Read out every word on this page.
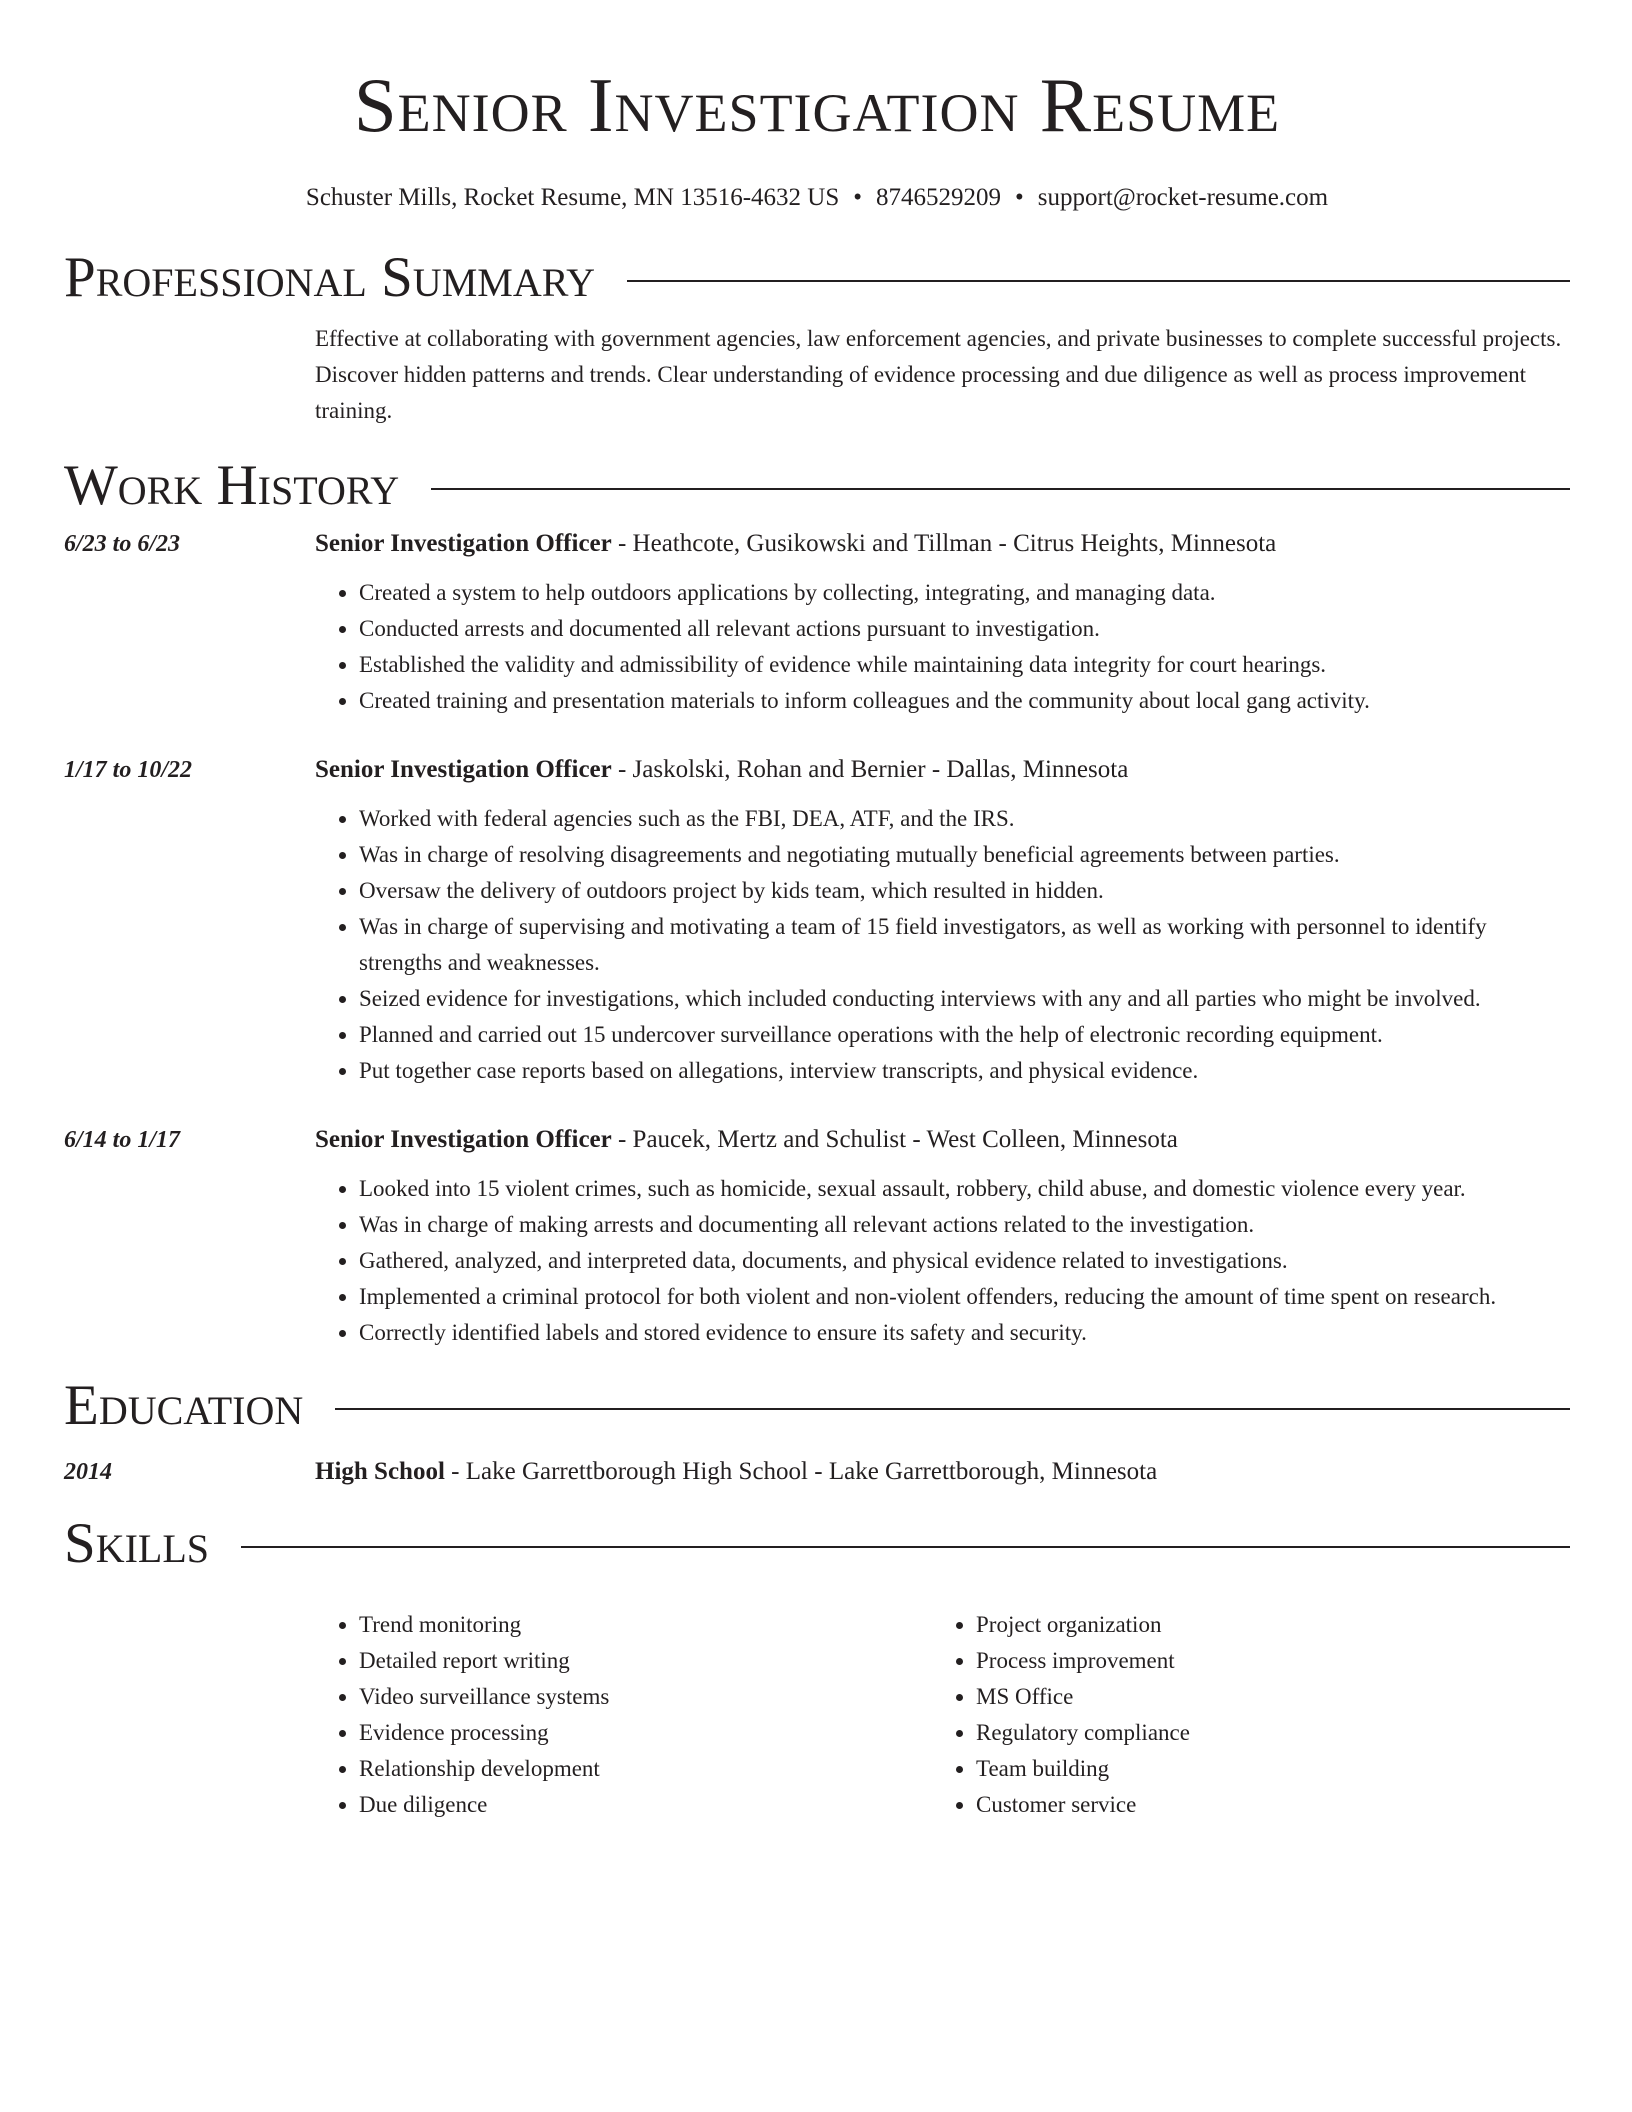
Senior Investigation Resume
Schuster Mills, Rocket Resume, MN 13516-4632 US • 8746529209 • support@rocket-resume.com
Professional Summary
Effective at collaborating with government agencies, law enforcement agencies, and private businesses to complete successful projects. Discover hidden patterns and trends. Clear understanding of evidence processing and due diligence as well as process improvement training.
Work History
6/23 to 6/23	Senior Investigation Officer - Heathcote, Gusikowski and Tillman - Citrus Heights, Minnesota
• Created a system to help outdoors applications by collecting, integrating, and managing data.
• Conducted arrests and documented all relevant actions pursuant to investigation.
• Established the validity and admissibility of evidence while maintaining data integrity for court hearings.
• Created training and presentation materials to inform colleagues and the community about local gang activity.
1/17 to 10/22	Senior Investigation Officer - Jaskolski, Rohan and Bernier - Dallas, Minnesota
• Worked with federal agencies such as the FBI, DEA, ATF, and the IRS.
• Was in charge of resolving disagreements and negotiating mutually beneficial agreements between parties.
• Oversaw the delivery of outdoors project by kids team, which resulted in hidden.
• Was in charge of supervising and motivating a team of 15 field investigators, as well as working with personnel to identify strengths and weaknesses.
• Seized evidence for investigations, which included conducting interviews with any and all parties who might be involved.
• Planned and carried out 15 undercover surveillance operations with the help of electronic recording equipment.
• Put together case reports based on allegations, interview transcripts, and physical evidence.
6/14 to 1/17	Senior Investigation Officer - Paucek, Mertz and Schulist - West Colleen, Minnesota
• Looked into 15 violent crimes, such as homicide, sexual assault, robbery, child abuse, and domestic violence every year.
• Was in charge of making arrests and documenting all relevant actions related to the investigation.
• Gathered, analyzed, and interpreted data, documents, and physical evidence related to investigations.
• Implemented a criminal protocol for both violent and non-violent offenders, reducing the amount of time spent on research.
• Correctly identified labels and stored evidence to ensure its safety and security.
Education
2014	High School - Lake Garrettborough High School - Lake Garrettborough, Minnesota
Skills
• Trend monitoring
• Detailed report writing
• Video surveillance systems
• Evidence processing
• Relationship development
• Due diligence
• Project organization
• Process improvement
• MS Office
• Regulatory compliance
• Team building
• Customer service
